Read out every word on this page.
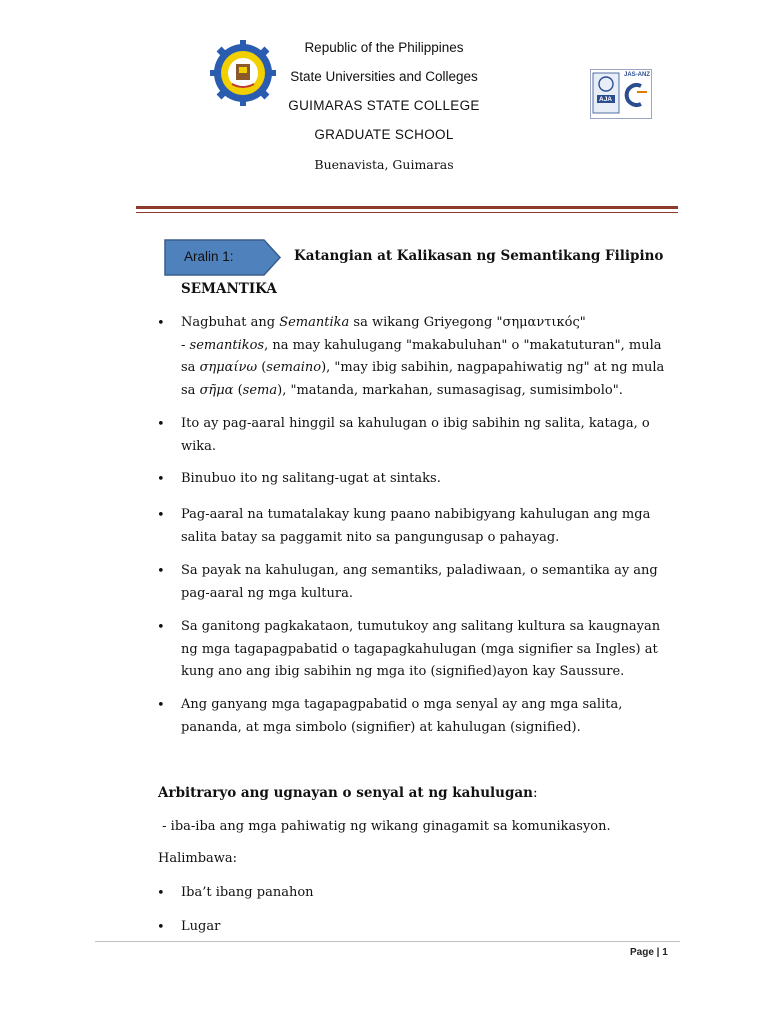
Republic of the Philippines
State Universities and Colleges
GUIMARAS STATE COLLEGE
GRADUATE SCHOOL
Buenavista, Guimaras
JAS-ANZ
AJA
Aralin 1:	Katangian at Kalikasan ng Semantikang Filipino
SEMANTIKA
• Nagbuhat ang Semantika sa wikang Griyegong "σημαντικός"
- semantikos, na may kahulugang "makabuluhan" o "makatuturan", mula
sa σημαίνω (semaino), "may ibig sabihin, nagpapahiwatig ng" at ng mula
sa σῆμα (sema), "matanda, markahan, sumasagisag, sumisimbolo".
• Ito ay pag-aaral hinggil sa kahulugan o ibig sabihin ng salita, kataga, o wika.
• Binubuo ito ng salitang-ugat at sintaks.
• Pag-aaral na tumatalakay kung paano nabibigyang kahulugan ang mga salita batay sa paggamit nito sa pangungusap o pahayag.
• Sa payak na kahulugan, ang semantiks, paladiwaan, o semantika ay ang pag-aaral ng mga kultura.
• Sa ganitong pagkakataon, tumutukoy ang salitang kultura sa kaugnayan ng mga tagapagpabatid o tagapagkahulugan (mga signifier sa Ingles) at kung ano ang ibig sabihin ng mga ito (signified)ayon kay Saussure.
• Ang ganyang mga tagapagpabatid o mga senyal ay ang mga salita, pananda, at mga simbolo (signifier) at kahulugan (signified).
Arbitraryo ang ugnayan o senyal at ng kahulugan:
- iba-iba ang mga pahiwatig ng wikang ginagamit sa komunikasyon.
Halimbawa:
• Iba’t ibang panahon
• Lugar
Page | 1
